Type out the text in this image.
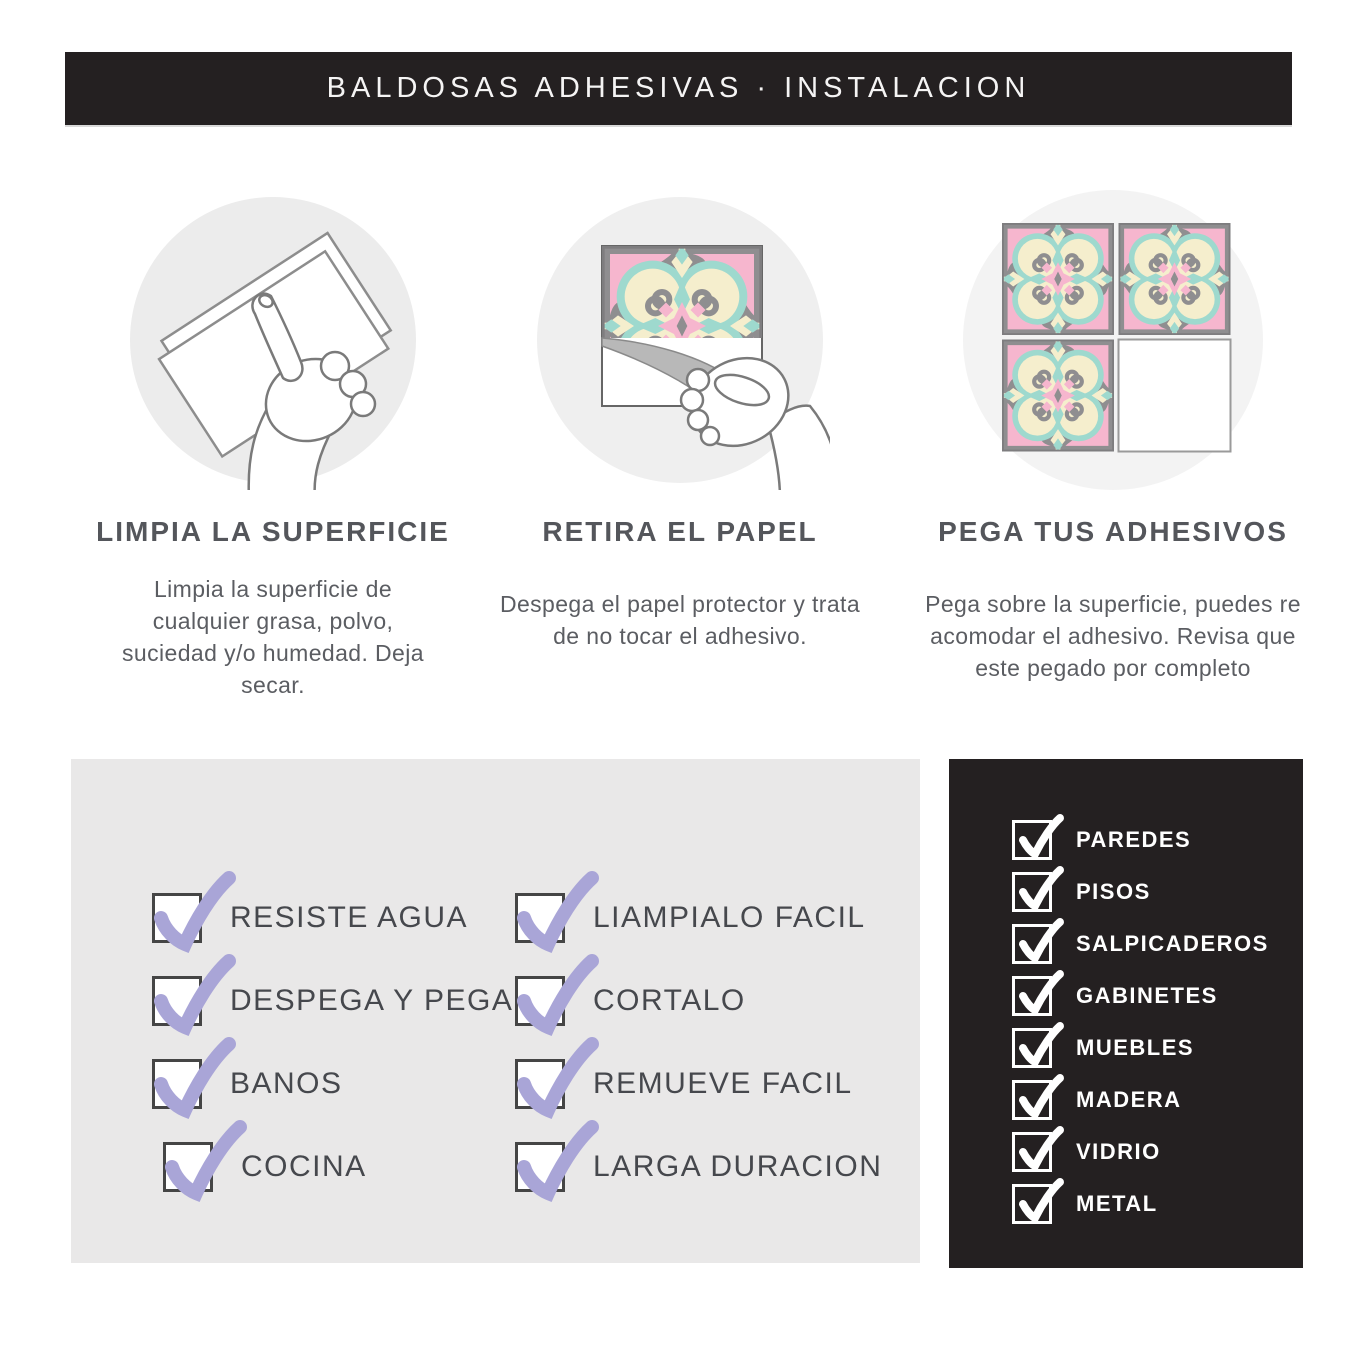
BALDOSAS ADHESIVAS · INSTALACION
LIMPIA LA SUPERFICIE	RETIRA EL PAPEL	PEGA TUS ADHESIVOS
Limpia la superficie de cualquier grasa, polvo, suciedad y/o humedad. Deja secar.
Despega el papel protector y trata de no tocar el adhesivo.
Pega sobre la superficie, puedes re acomodar el adhesivo. Revisa que este pegado por completo
RESISTE AGUA
DESPEGA Y PEGA
BANOS
COCINA
LIAMPIALO FACIL
CORTALO
REMUEVE FACIL
LARGA DURACION
PAREDES
PISOS
SALPICADEROS
GABINETES
MUEBLES
MADERA
VIDRIO
METAL
